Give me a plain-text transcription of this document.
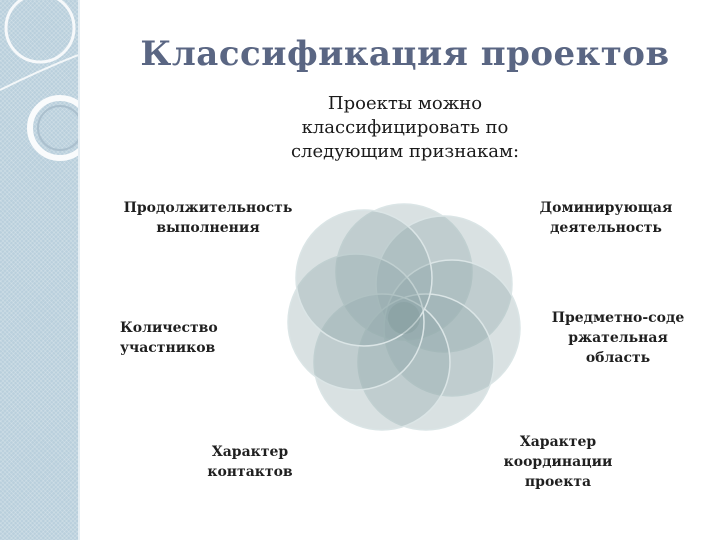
Классификация проектов
Проекты можно
классифицировать по
следующим признакам:
Продолжительность
выполнения
Доминирующая
деятельность
Предметно-соде
ржательная
область
Количество
участников
Характер
контактов
Характер
координации
проекта
